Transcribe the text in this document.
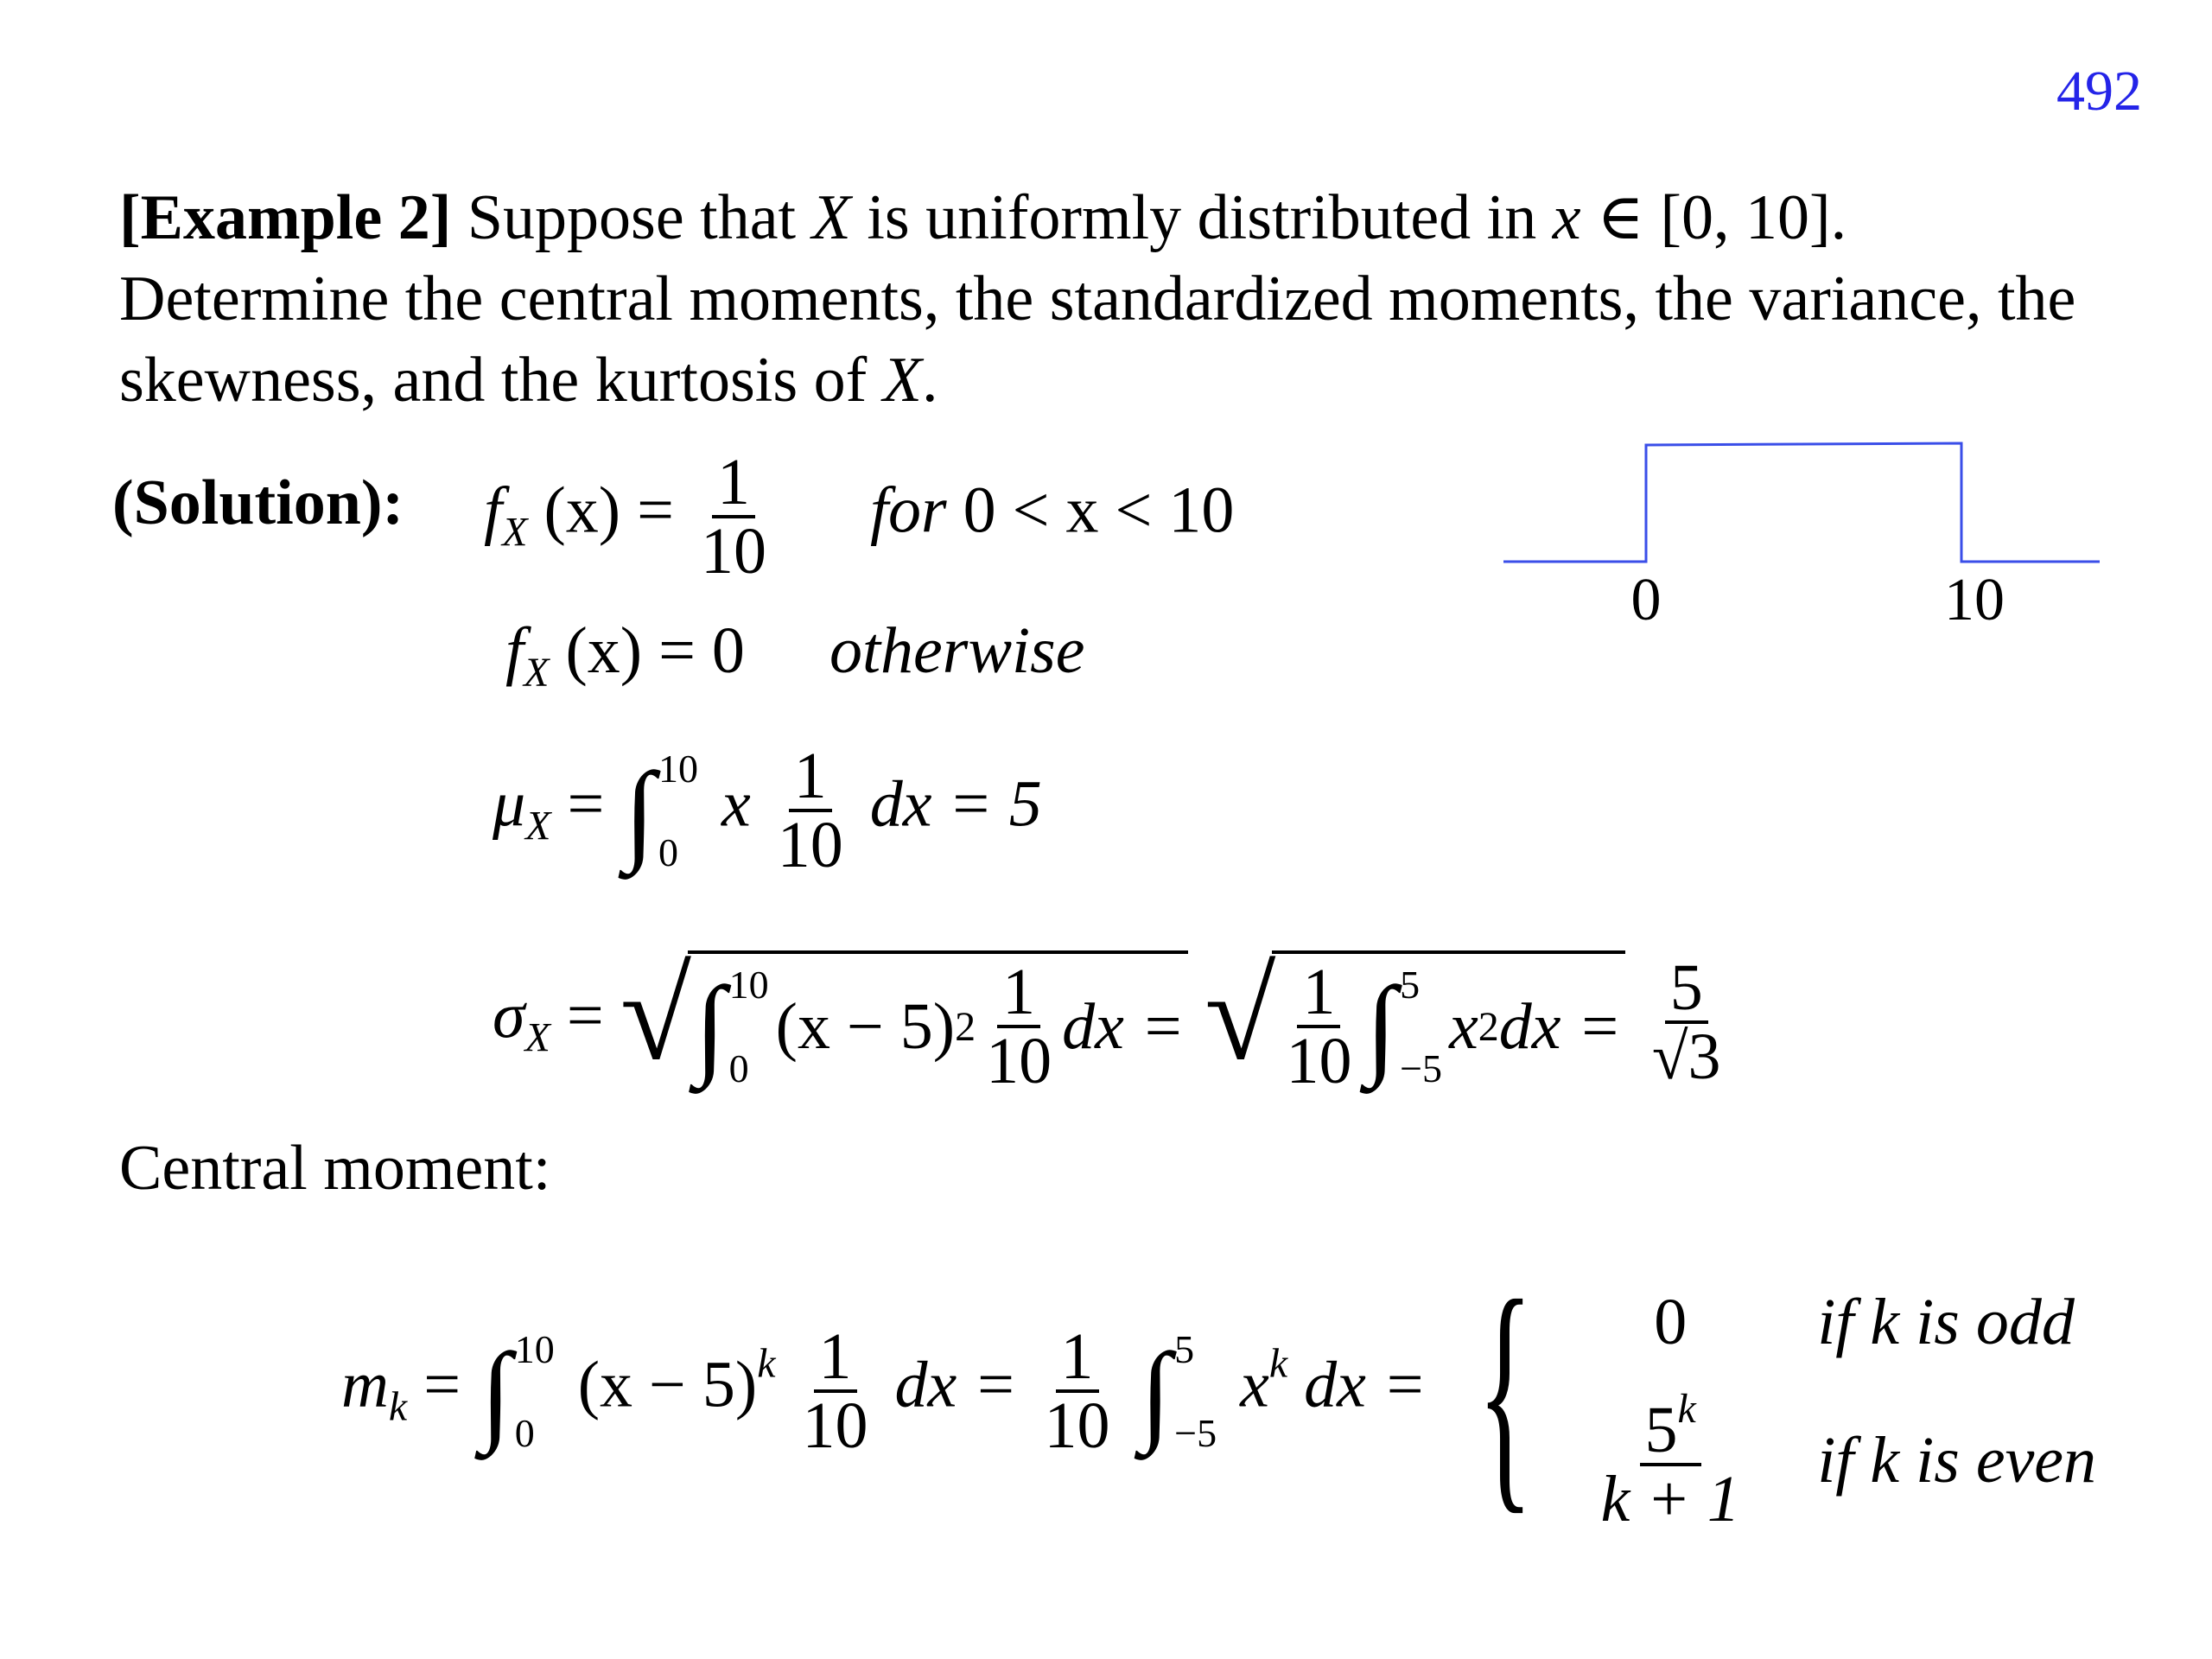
492
[Example 2] Suppose that X is uniformly distributed in x ∈ [0, 10]. Determine the central moments, the standardized moments, the variance, the skewness, and the kurtosis of X.
(Solution): $f_X$ $(x) = \frac{1}{10}$ for 0 < x < 10
$f_X$ (x) = 0 otherwise
$\mu_X$ = ∫ 10
0
x $\frac{1}{10}$ dx = 5
$\sigma_X$ = √ ∫ 10
0
(x − 5) $2 \frac{1}{10}$ dx =
√ $\frac{1}{10}$ ∫ 5
−5
x 2 dx =
$\frac{5}{√3}$
Central moment:
$m_k$ = ∫ 10
0
$(x - 5)^k \frac{1}{10}$ dx = $\frac{1}{10}$ ∫ 5
−5
$x^k$ dx = {	0	if k is odd
$\frac{5^k}{k + 1}$ if k is even
0	10
